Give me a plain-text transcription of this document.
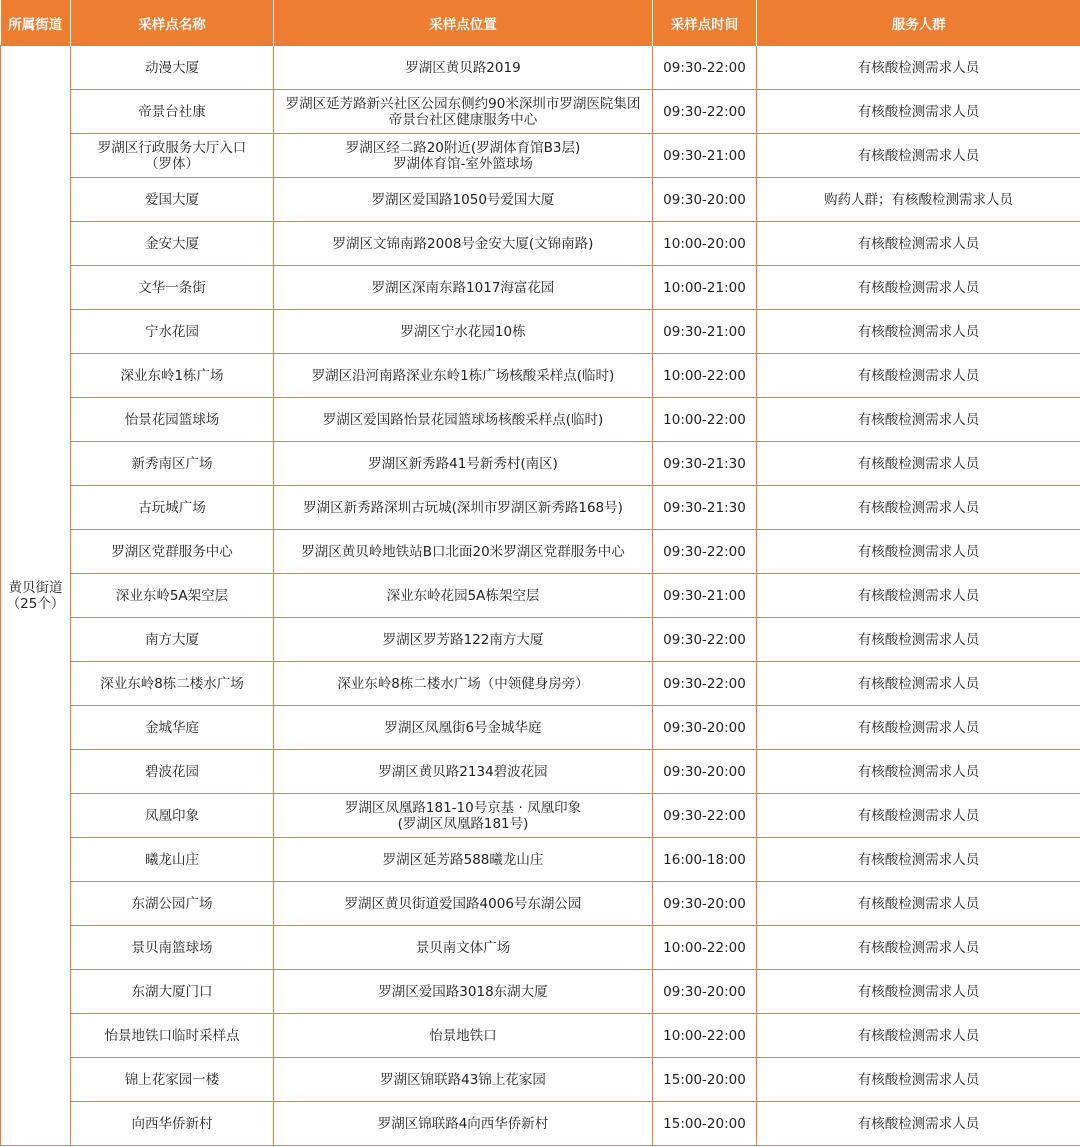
所属街道	采样点名称	采样点位置	采样点时间	服务人群

黄贝街道
（25个）	动漫大厦	罗湖区黄贝路2019	09:30-22:00	有核酸检测需求人员

	帝景台社康	罗湖区延芳路新兴社区公园东侧约90米深圳市罗湖医院集团
帝景台社区健康服务中心	09:30-22:00	有核酸检测需求人员

	罗湖区行政服务大厅入口
（罗体）	罗湖区经二路20附近(罗湖体育馆B3层)
罗湖体育馆-室外篮球场	09:30-21:00	有核酸检测需求人员

	爱国大厦	罗湖区爱国路1050号爱国大厦	09:30-20:00	购药人群；有核酸检测需求人员

	金安大厦	罗湖区文锦南路2008号金安大厦(文锦南路)	10:00-20:00	有核酸检测需求人员

	文华一条街	罗湖区深南东路1017海富花园	10:00-21:00	有核酸检测需求人员

	宁水花园	罗湖区宁水花园10栋	09:30-21:00	有核酸检测需求人员

	深业东岭1栋广场	罗湖区沿河南路深业东岭1栋广场核酸采样点(临时)	10:00-22:00	有核酸检测需求人员

	怡景花园篮球场	罗湖区爱国路怡景花园篮球场核酸采样点(临时)	10:00-22:00	有核酸检测需求人员

	新秀南区广场	罗湖区新秀路41号新秀村(南区)	09:30-21:30	有核酸检测需求人员

	古玩城广场	罗湖区新秀路深圳古玩城(深圳市罗湖区新秀路168号)	09:30-21:30	有核酸检测需求人员

	罗湖区党群服务中心	罗湖区黄贝岭地铁站B口北面20米罗湖区党群服务中心	09:30-22:00	有核酸检测需求人员

	深业东岭5A架空层	深业东岭花园5A栋架空层	09:30-21:00	有核酸检测需求人员

	南方大厦	罗湖区罗芳路122南方大厦	09:30-22:00	有核酸检测需求人员

	深业东岭8栋二楼水广场	深业东岭8栋二楼水广场（中领健身房旁）	09:30-22:00	有核酸检测需求人员

	金城华庭	罗湖区凤凰街6号金城华庭	09:30-20:00	有核酸检测需求人员

	碧波花园	罗湖区黄贝路2134碧波花园	09:30-20:00	有核酸检测需求人员

	凤凰印象	罗湖区凤凰路181-10号京基 · 凤凰印象
(罗湖区凤凰路181号)	09:30-22:00	有核酸检测需求人员

	曦龙山庄	罗湖区延芳路588曦龙山庄	16:00-18:00	有核酸检测需求人员

	东湖公园广场	罗湖区黄贝街道爱国路4006号东湖公园	09:30-20:00	有核酸检测需求人员

	景贝南篮球场	景贝南文体广场	10:00-22:00	有核酸检测需求人员

	东湖大厦门口	罗湖区爱国路3018东湖大厦	09:30-20:00	有核酸检测需求人员

	怡景地铁口临时采样点	怡景地铁口	10:00-22:00	有核酸检测需求人员

	锦上花家园一楼	罗湖区锦联路43锦上花家园	15:00-20:00	有核酸检测需求人员

	向西华侨新村	罗湖区锦联路4向西华侨新村	15:00-20:00	有核酸检测需求人员
